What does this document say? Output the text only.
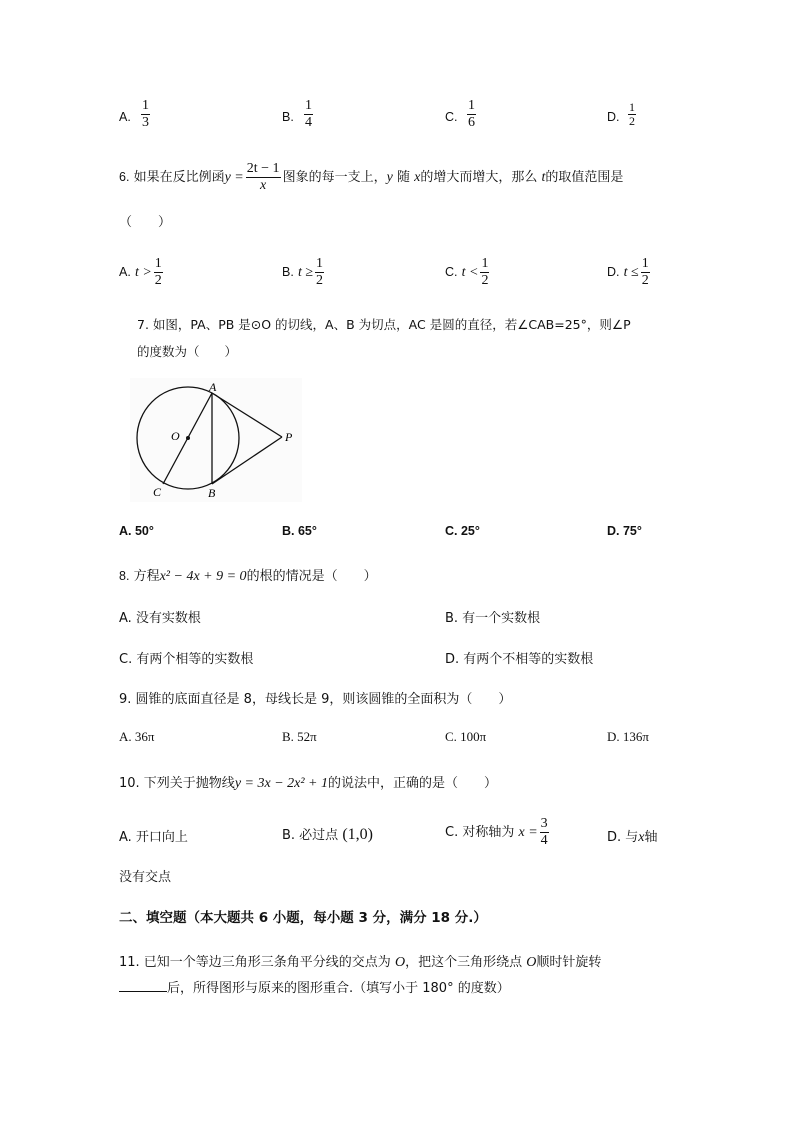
A. $\frac{1}{3}$	B. $\frac{1}{4}$	C. $\frac{1}{6}$	D. $\frac{1}{2}$
6. 如果在反比例函$y = \frac{2t - 1}{x}$ 图象的每一支上，y 随 x的增大而增大，那么 t的取值范围是
（　　）
A. $t > \frac{1}{2}$	B. $t \ge \frac{1}{2}$	C. $t < \frac{1}{2}$	D. $t \le \frac{1}{2}$
7. 如图，PA、PB 是⊙O 的切线，A、B 为切点，AC 是圆的直径，若∠CAB=25°，则∠P
的度数为（　　）
A
B
C
O	P
A. 50°	B. 65°	C. 25°	D. 75°
8. 方程x² − 4x + 9 = 0的根的情况是（　　）
A. 没有实数根	B. 有一个实数根
C. 有两个相等的实数根	D. 有两个不相等的实数根
9. 圆锥的底面直径是 8，母线长是 9，则该圆锥的全面积为（　　）
A. 36π	B. 52π	C. 100π	D. 136π
10. 下列关于抛物线y = 3x − 2x² + 1的说法中，正确的是（　　）
A. 开口向上	B. 必过点 (1,0)	C. 对称轴为 $x = \frac{3}{4}$	D. 与x轴
没有交点
二、填空题（本大题共 6 小题，每小题 3 分，满分 18 分.）
11. 已知一个等边三角形三条角平分线的交点为 O，把这个三角形绕点 O顺时针旋转
后，所得图形与原来的图形重合.（填写小于 180° 的度数）
